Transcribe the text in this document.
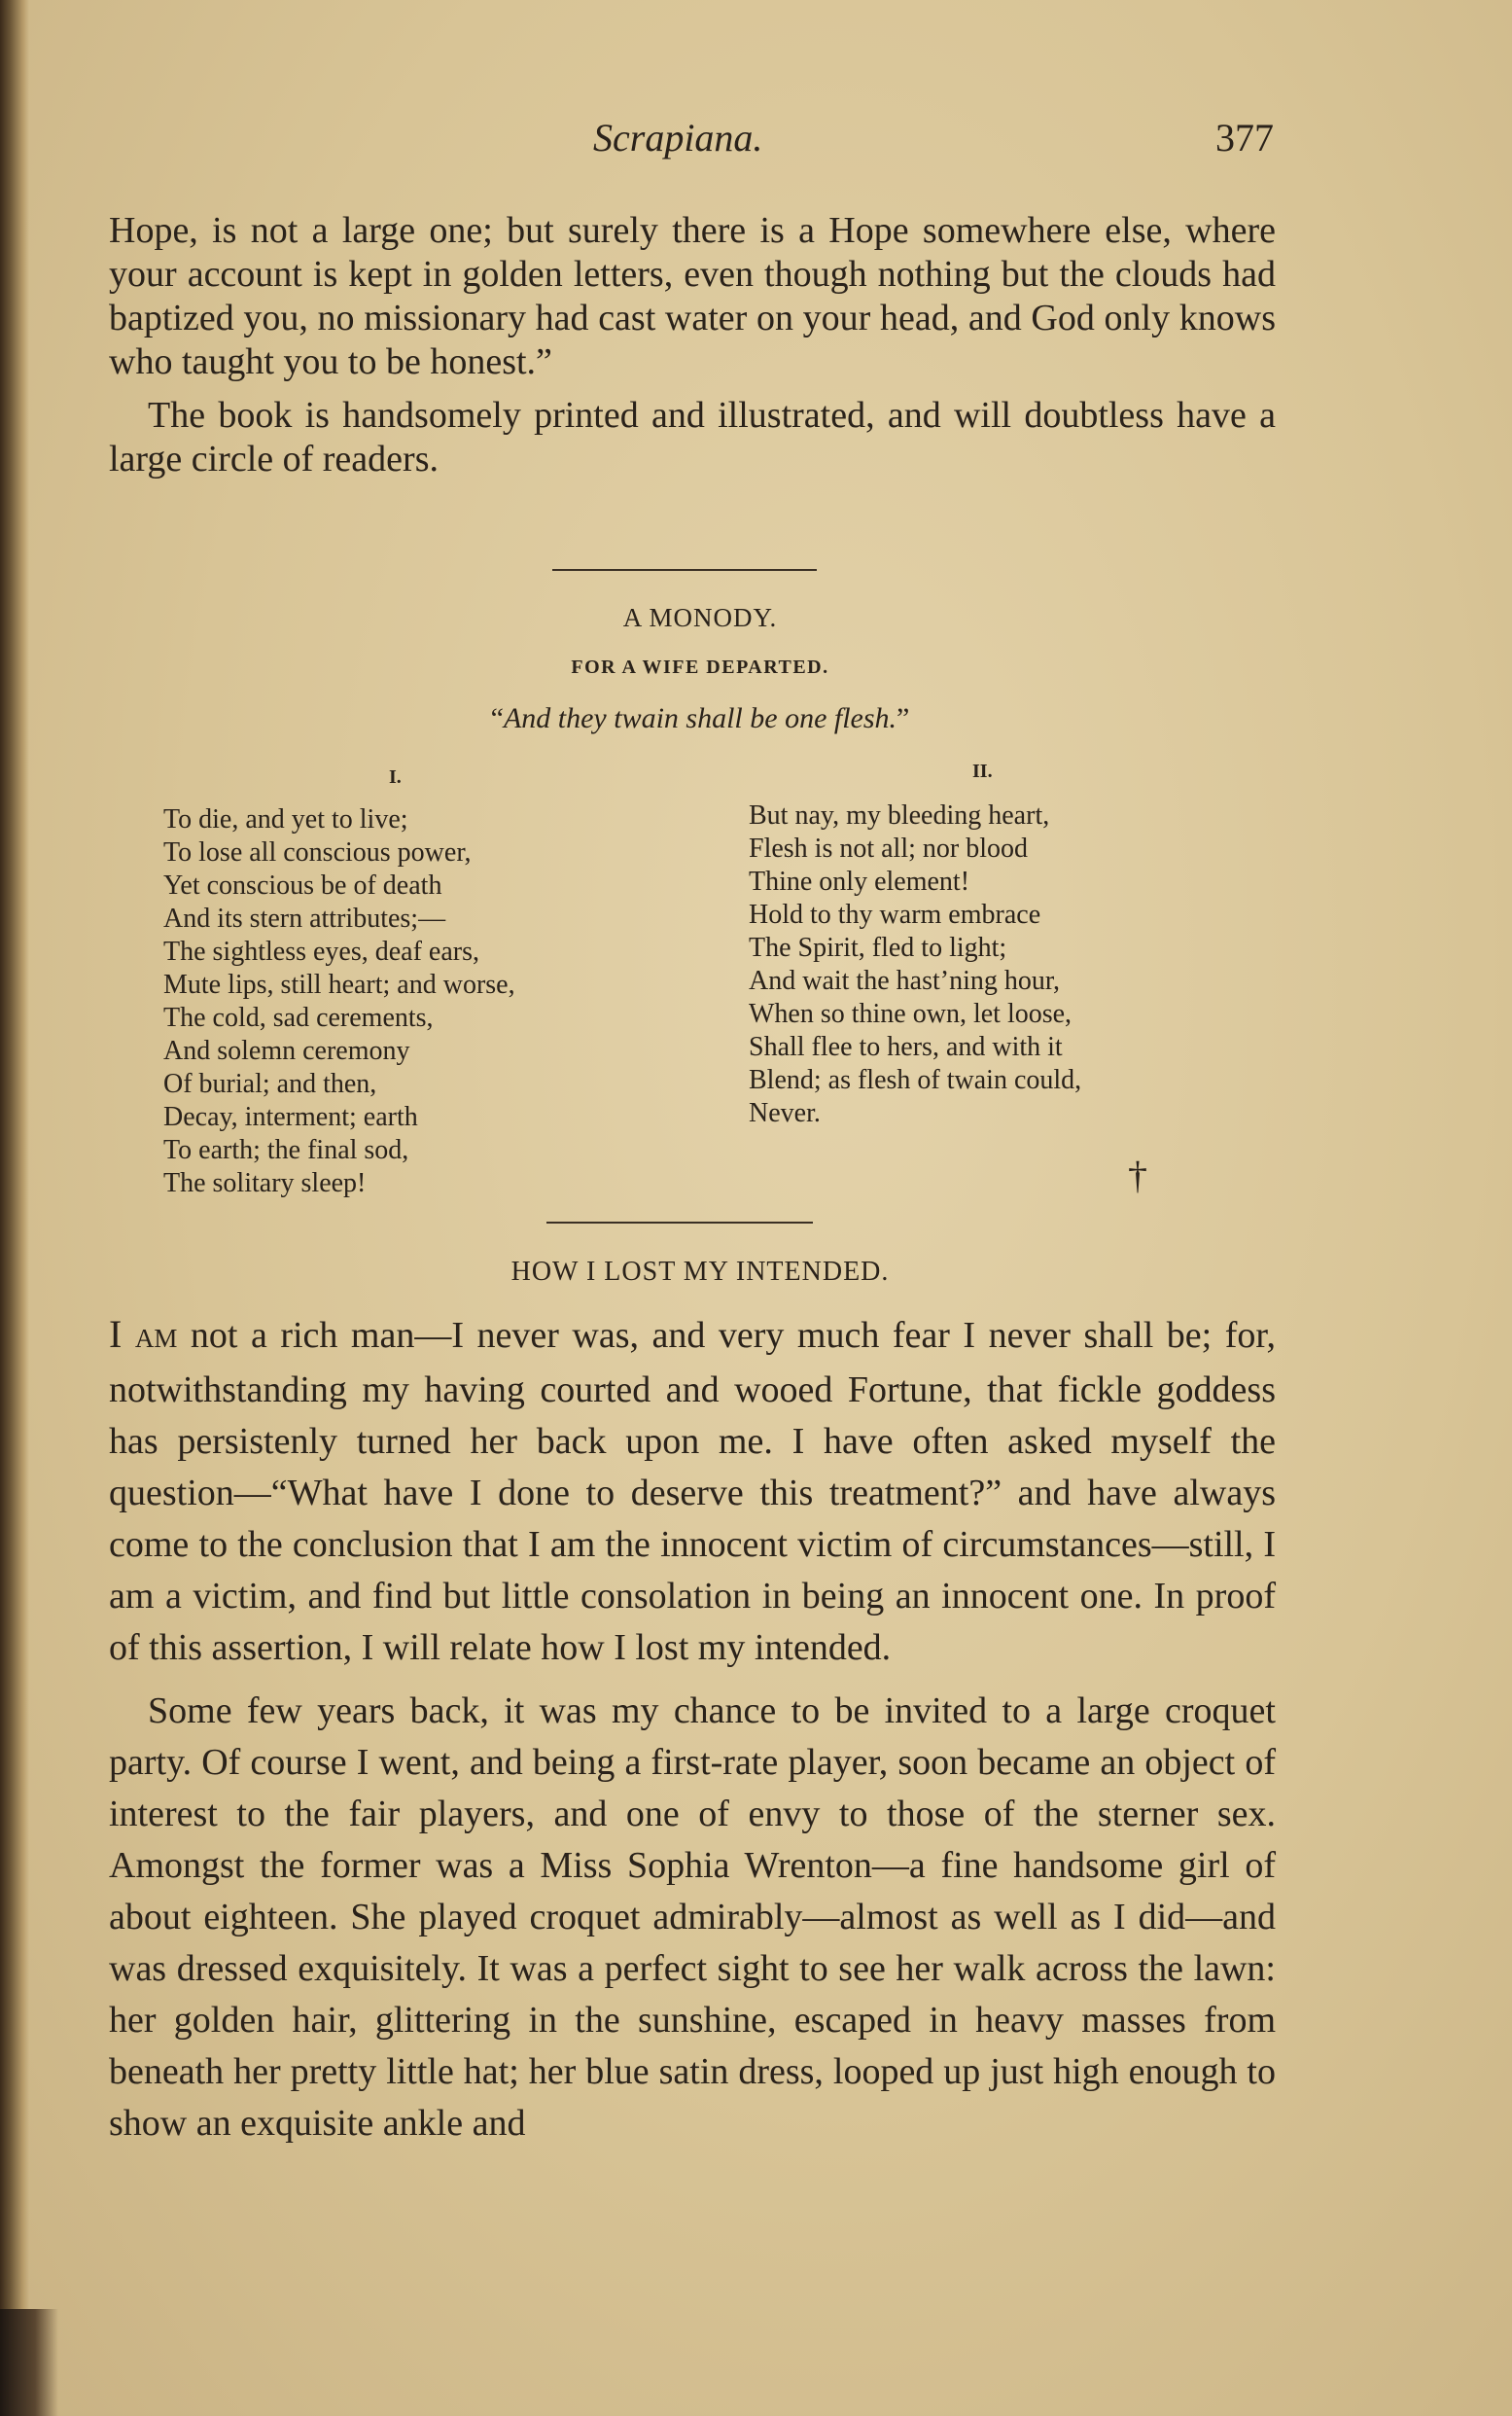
Scrapiana.	377

Hope, is not a large one; but surely there is a Hope somewhere else, where your account is kept in golden letters, even though nothing but the clouds had baptized you, no missionary had cast water on your head, and God only knows who taught you to be honest.”

The book is handsomely printed and illustrated, and will doubtless have a large circle of readers.

A MONODY.
FOR A WIFE DEPARTED.
“And they twain shall be one flesh.”
I.	II.
To die, and yet to live;
To lose all conscious power,
Yet conscious be of death
And its stern attributes;—
The sightless eyes, deaf ears,
Mute lips, still heart; and worse,
The cold, sad cerements,
And solemn ceremony
Of burial; and then,
Decay, interment; earth
To earth; the final sod,
The solitary sleep!
But nay, my bleeding heart,
Flesh is not all; nor blood
Thine only element!
Hold to thy warm embrace
The Spirit, fled to light;
And wait the hast’ning hour,
When so thine own, let loose,
Shall flee to hers, and with it
Blend; as flesh of twain could,
Never.
†
HOW I LOST MY INTENDED.

I AM not a rich man—I never was, and very much fear I never shall be; for, notwithstanding my having courted and wooed Fortune, that fickle goddess has persistenly turned her back upon me. I have often asked myself the question—“What have I done to deserve this treatment?” and have always come to the conclusion that I am the innocent victim of circumstances—still, I am a victim, and find but little consolation in being an innocent one. In proof of this assertion, I will relate how I lost my intended.

Some few years back, it was my chance to be invited to a large croquet party. Of course I went, and being a first-rate player, soon became an object of interest to the fair players, and one of envy to those of the sterner sex. Amongst the former was a Miss Sophia Wrenton—a fine handsome girl of about eighteen. She played croquet admirably—almost as well as I did—and was dressed exquisitely. It was a perfect sight to see her walk across the lawn: her golden hair, glittering in the sunshine, escaped in heavy masses from beneath her pretty little hat; her blue satin dress, looped up just high enough to show an exquisite ankle and
